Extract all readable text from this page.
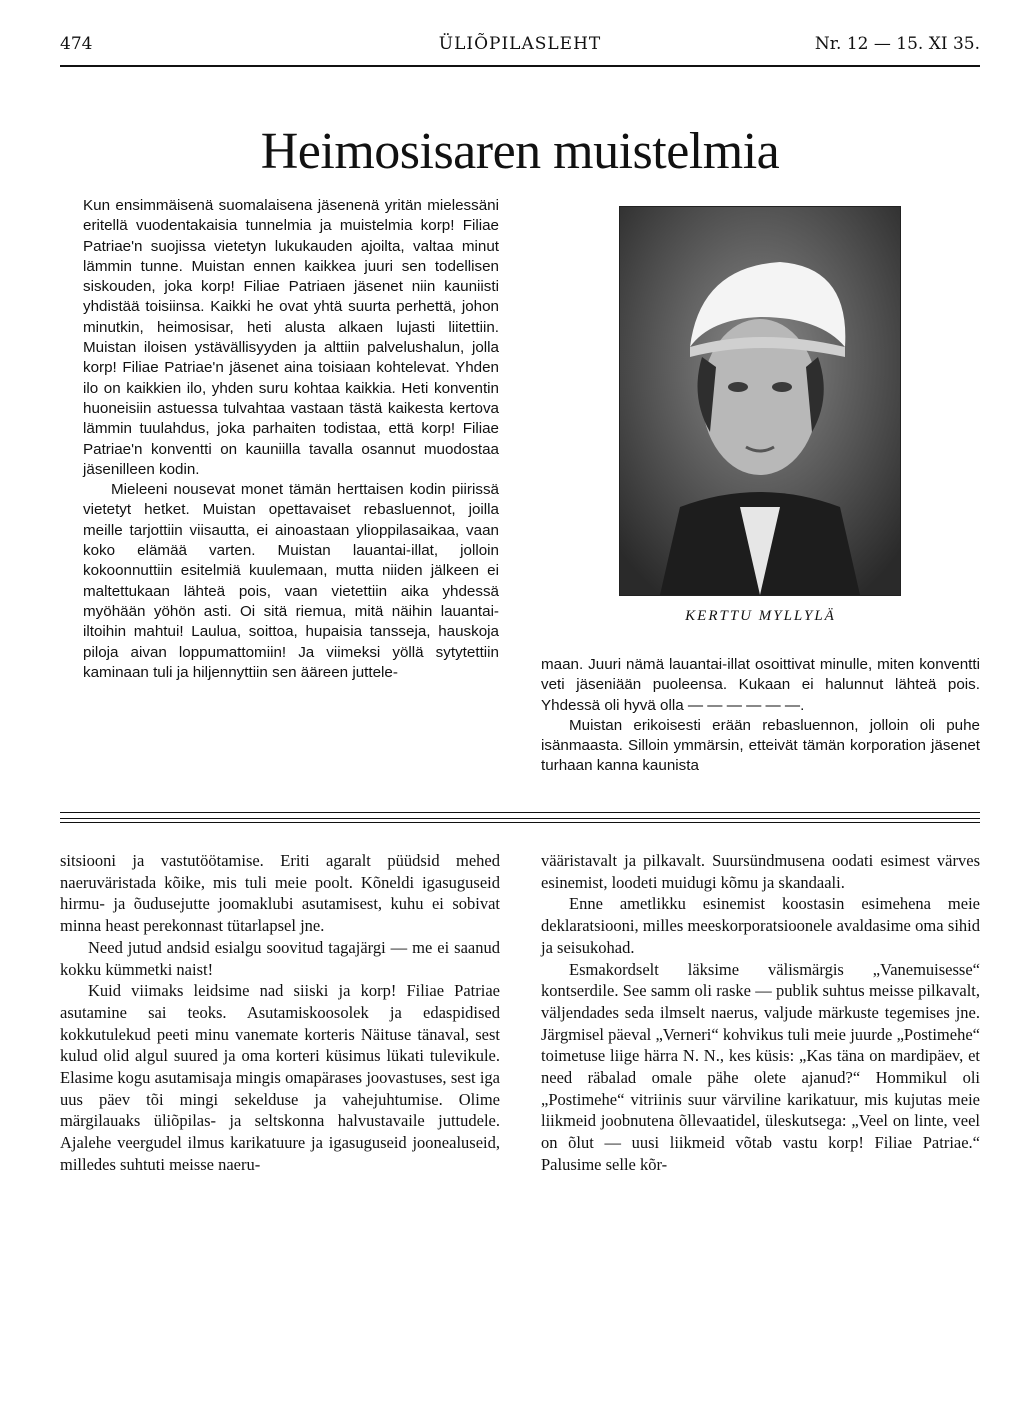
474	ÜLIÕPILASLEHT	Nr. 12 — 15. XI 35.
Heimosisaren muistelmia

Kun ensimmäisenä suomalaisena jäsenenä yritän mielessäni eritellä vuodentakaisia tunnelmia ja muistelmia korp! Filiae Patriae'n suojissa vietetyn lukukauden ajoilta, valtaa minut lämmin tunne. Muistan ennen kaikkea juuri sen todellisen siskouden, joka korp! Filiae Patriaen jäsenet niin kauniisti yhdistää toisiinsa. Kaikki he ovat yhtä suurta perhettä, johon minutkin, heimosisar, heti alusta alkaen lujasti liitettiin. Muistan iloisen ystävällisyyden ja alttiin palvelushalun, jolla korp! Filiae Patriae'n jäsenet aina toisiaan kohtelevat. Yhden ilo on kaikkien ilo, yhden suru kohtaa kaikkia. Heti konventin huoneisiin astuessa tulvahtaa vastaan tästä kaikesta kertova lämmin tuulahdus, joka parhaiten todistaa, että korp! Filiae Patriae'n konventti on kauniilla tavalla osannut muodostaa jäsenilleen kodin.

Mieleeni nousevat monet tämän herttaisen kodin piirissä vietetyt hetket. Muistan opettavaiset rebasluennot, joilla meille tarjottiin viisautta, ei ainoastaan ylioppilasaikaa, vaan koko elämää varten. Muistan lauantai-illat, jolloin kokoonnuttiin esitelmiä kuulemaan, mutta niiden jälkeen ei maltettukaan lähteä pois, vaan vietettiin aika yhdessä myöhään yöhön asti. Oi sitä riemua, mitä näihin lauantai-iltoihin mahtui! Laulua, soittoa, hupaisia tansseja, hauskoja piloja aivan loppumattomiin! Ja viimeksi yöllä sytytettiin kaminaan tuli ja hiljennyttiin sen ääreen juttele-

KERTTU MYLLYLÄ

maan. Juuri nämä lauantai-illat osoittivat minulle, miten konventti veti jäseniään puoleensa. Kukaan ei halunnut lähteä pois. Yhdessä oli hyvä olla — — — — — —.

Muistan erikoisesti erään rebasluennon, jolloin oli puhe isänmaasta. Silloin ymmärsin, etteivät tämän korporation jäsenet turhaan kanna kaunista

sitsiooni ja vastutöötamise. Eriti agaralt püüdsid mehed naeruväristada kõike, mis tuli meie poolt. Kõneldi igasuguseid hirmu- ja õudusejutte joomaklubi asutamisest, kuhu ei sobivat minna heast perekonnast tütarlapsel jne.

Need jutud andsid esialgu soovitud tagajärgi — me ei saanud kokku kümmetki naist!

Kuid viimaks leidsime nad siiski ja korp! Filiae Patriae asutamine sai teoks. Asutamiskoosolek ja edaspidised kokkutulekud peeti minu vanemate korteris Näituse tänaval, sest kulud olid algul suured ja oma korteri küsimus lükati tulevikule. Elasime kogu asutamisaja mingis omapärases joovastuses, sest iga uus päev tõi mingi sekelduse ja vahejuhtumise. Olime märgilauaks üliõpilas- ja seltskonna halvustavaile juttudele. Ajalehe veergudel ilmus karikatuure ja igasuguseid joonealuseid, milledes suhtuti meisse naeru-

vääristavalt ja pilkavalt. Suursündmusena oodati esimest värves esinemist, loodeti muidugi kõmu ja skandaali.

Enne ametlikku esinemist koostasin esimehena meie deklaratsiooni, milles meeskorporatsioonele avaldasime oma sihid ja seisukohad.

Esmakordselt läksime välismärgis „Vanemuisesse“ kontserdile. See samm oli raske — publik suhtus meisse pilkavalt, väljendades seda ilmselt naerus, valjude märkuste tegemises jne. Järgmisel päeval „Verneri“ kohvikus tuli meie juurde „Postimehe“ toimetuse liige härra N. N., kes küsis: „Kas täna on mardipäev, et need räbalad omale pähe olete ajanud?“ Hommikul oli „Postimehe“ vitriinis suur värviline karikatuur, mis kujutas meie liikmeid joobnutena õllevaatidel, üleskutsega: „Veel on linte, veel on õlut — uusi liikmeid võtab vastu korp! Filiae Patriae.“ Palusime selle kõr-
